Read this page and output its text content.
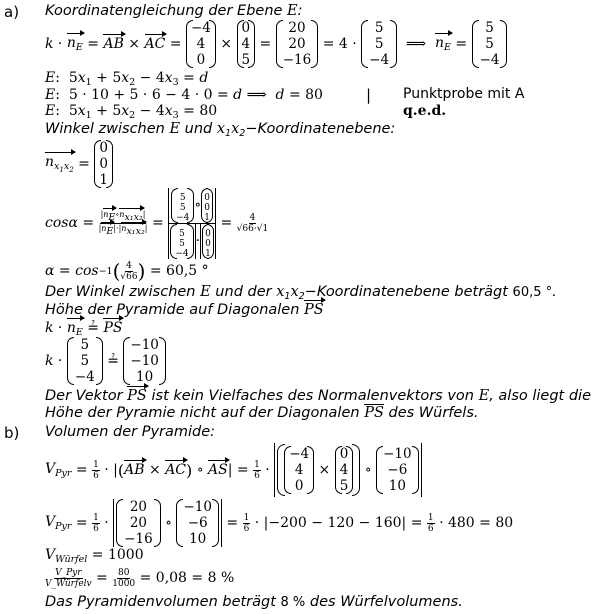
a) Koordinatengleichung der Ebene E:
$k \cdot n_E$ = AB × AC =
−4
4
0
×
0
4
5
=
20
20
−16

= 4 ·

5
5
−4

⟹
$n_E$ =
5
5
−4
E:  $5x_1 + 5x_2 - 4x_3 = d$
E:  5 · 10 + 5 · 6 − 4 · 0 = d ⟹  d = 80
E:  $5x_1 + 5x_2 - 4x_3 = 80$
| Punktprobe mit A
q.e.d.
Winkel zwischen E und $x_1x_2-Koordinatenebene$:
$n_{x_1x_2}$ =
0
0
1
$\cos\alpha = \frac{|n_E\circ n_{x_1x_2}|}{|n_E|\cdot|n_{x_1x_2}|}$ =
5
5
−4
∘ 0
0
1
5
5
−4
· 0
0
1
= $\frac{4}{√66\cdot√1}$
α = cos −1 ( $\frac{4}{√66}$ )
= 60,5 °
Der Winkel zwischen E und der $x_1x_2-Koordinatenebene$ beträgt 60,5 °.
Höhe der Pyramide auf Diagonalen PS
$k \cdot n_E$ ≟ PS
k ·

5
5
−4

≟

−10
−10
10
Der Vektor PS ist kein Vielfaches des Normalenvektors von E, also liegt die
Höhe der Pyramie nicht auf der Diagonalen PS des Würfels.
b) Volumen der Pyramide:
$V_{Pyr} = \frac{1}{6}$ · | ( AB × AC ) ∘ AS | = $\frac{1}{6}$ ·
−4
4
0
×
0
4
5
∘
−10
−6
10
$V_{Pyr} = \frac{1}{6}$ ·
20
20
−16
∘
−10
−6
10
= $\frac{1}{6} \cdot |-200 - 120 - 160| = \frac{1}{6} \cdot 480 = 80$
$V_{Würfel} = 1000$
$\frac{\text{V\_Pyr}}{\text{V\_Würfelv}} = \frac{80}{1000}$
= 0,08 = 8 %
Das Pyramidenvolumen beträgt 8 % des Würfelvolumens.
